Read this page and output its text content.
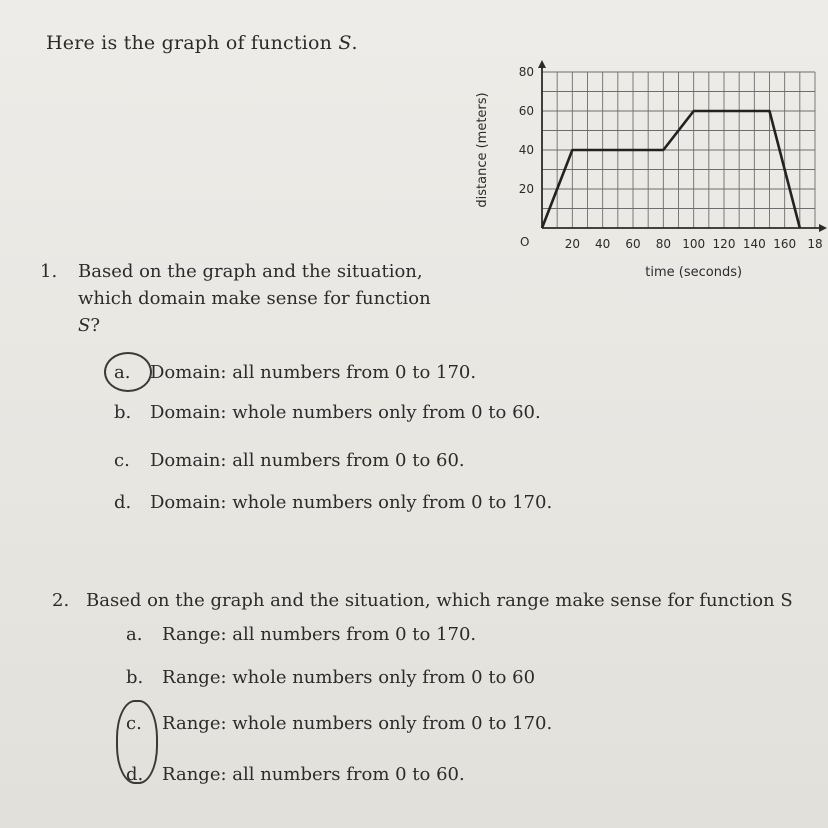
Here is the graph of function S.
20 40 60 80 100 120 140 160 18
20
40
60
80
distance (meters)
time (seconds)
O
1. Based on the graph and the situation, which domain make sense for function S?
a. Domain: all numbers from 0 to 170.
b. Domain: whole numbers only from 0 to 60.
c. Domain: all numbers from 0 to 60.
d. Domain: whole numbers only from 0 to 170.
2. Based on the graph and the situation, which range make sense for function S
a. Range: all numbers from 0 to 170.
b. Range: whole numbers only from 0 to 60
c. Range: whole numbers only from 0 to 170.
d. Range: all numbers from 0 to 60.
